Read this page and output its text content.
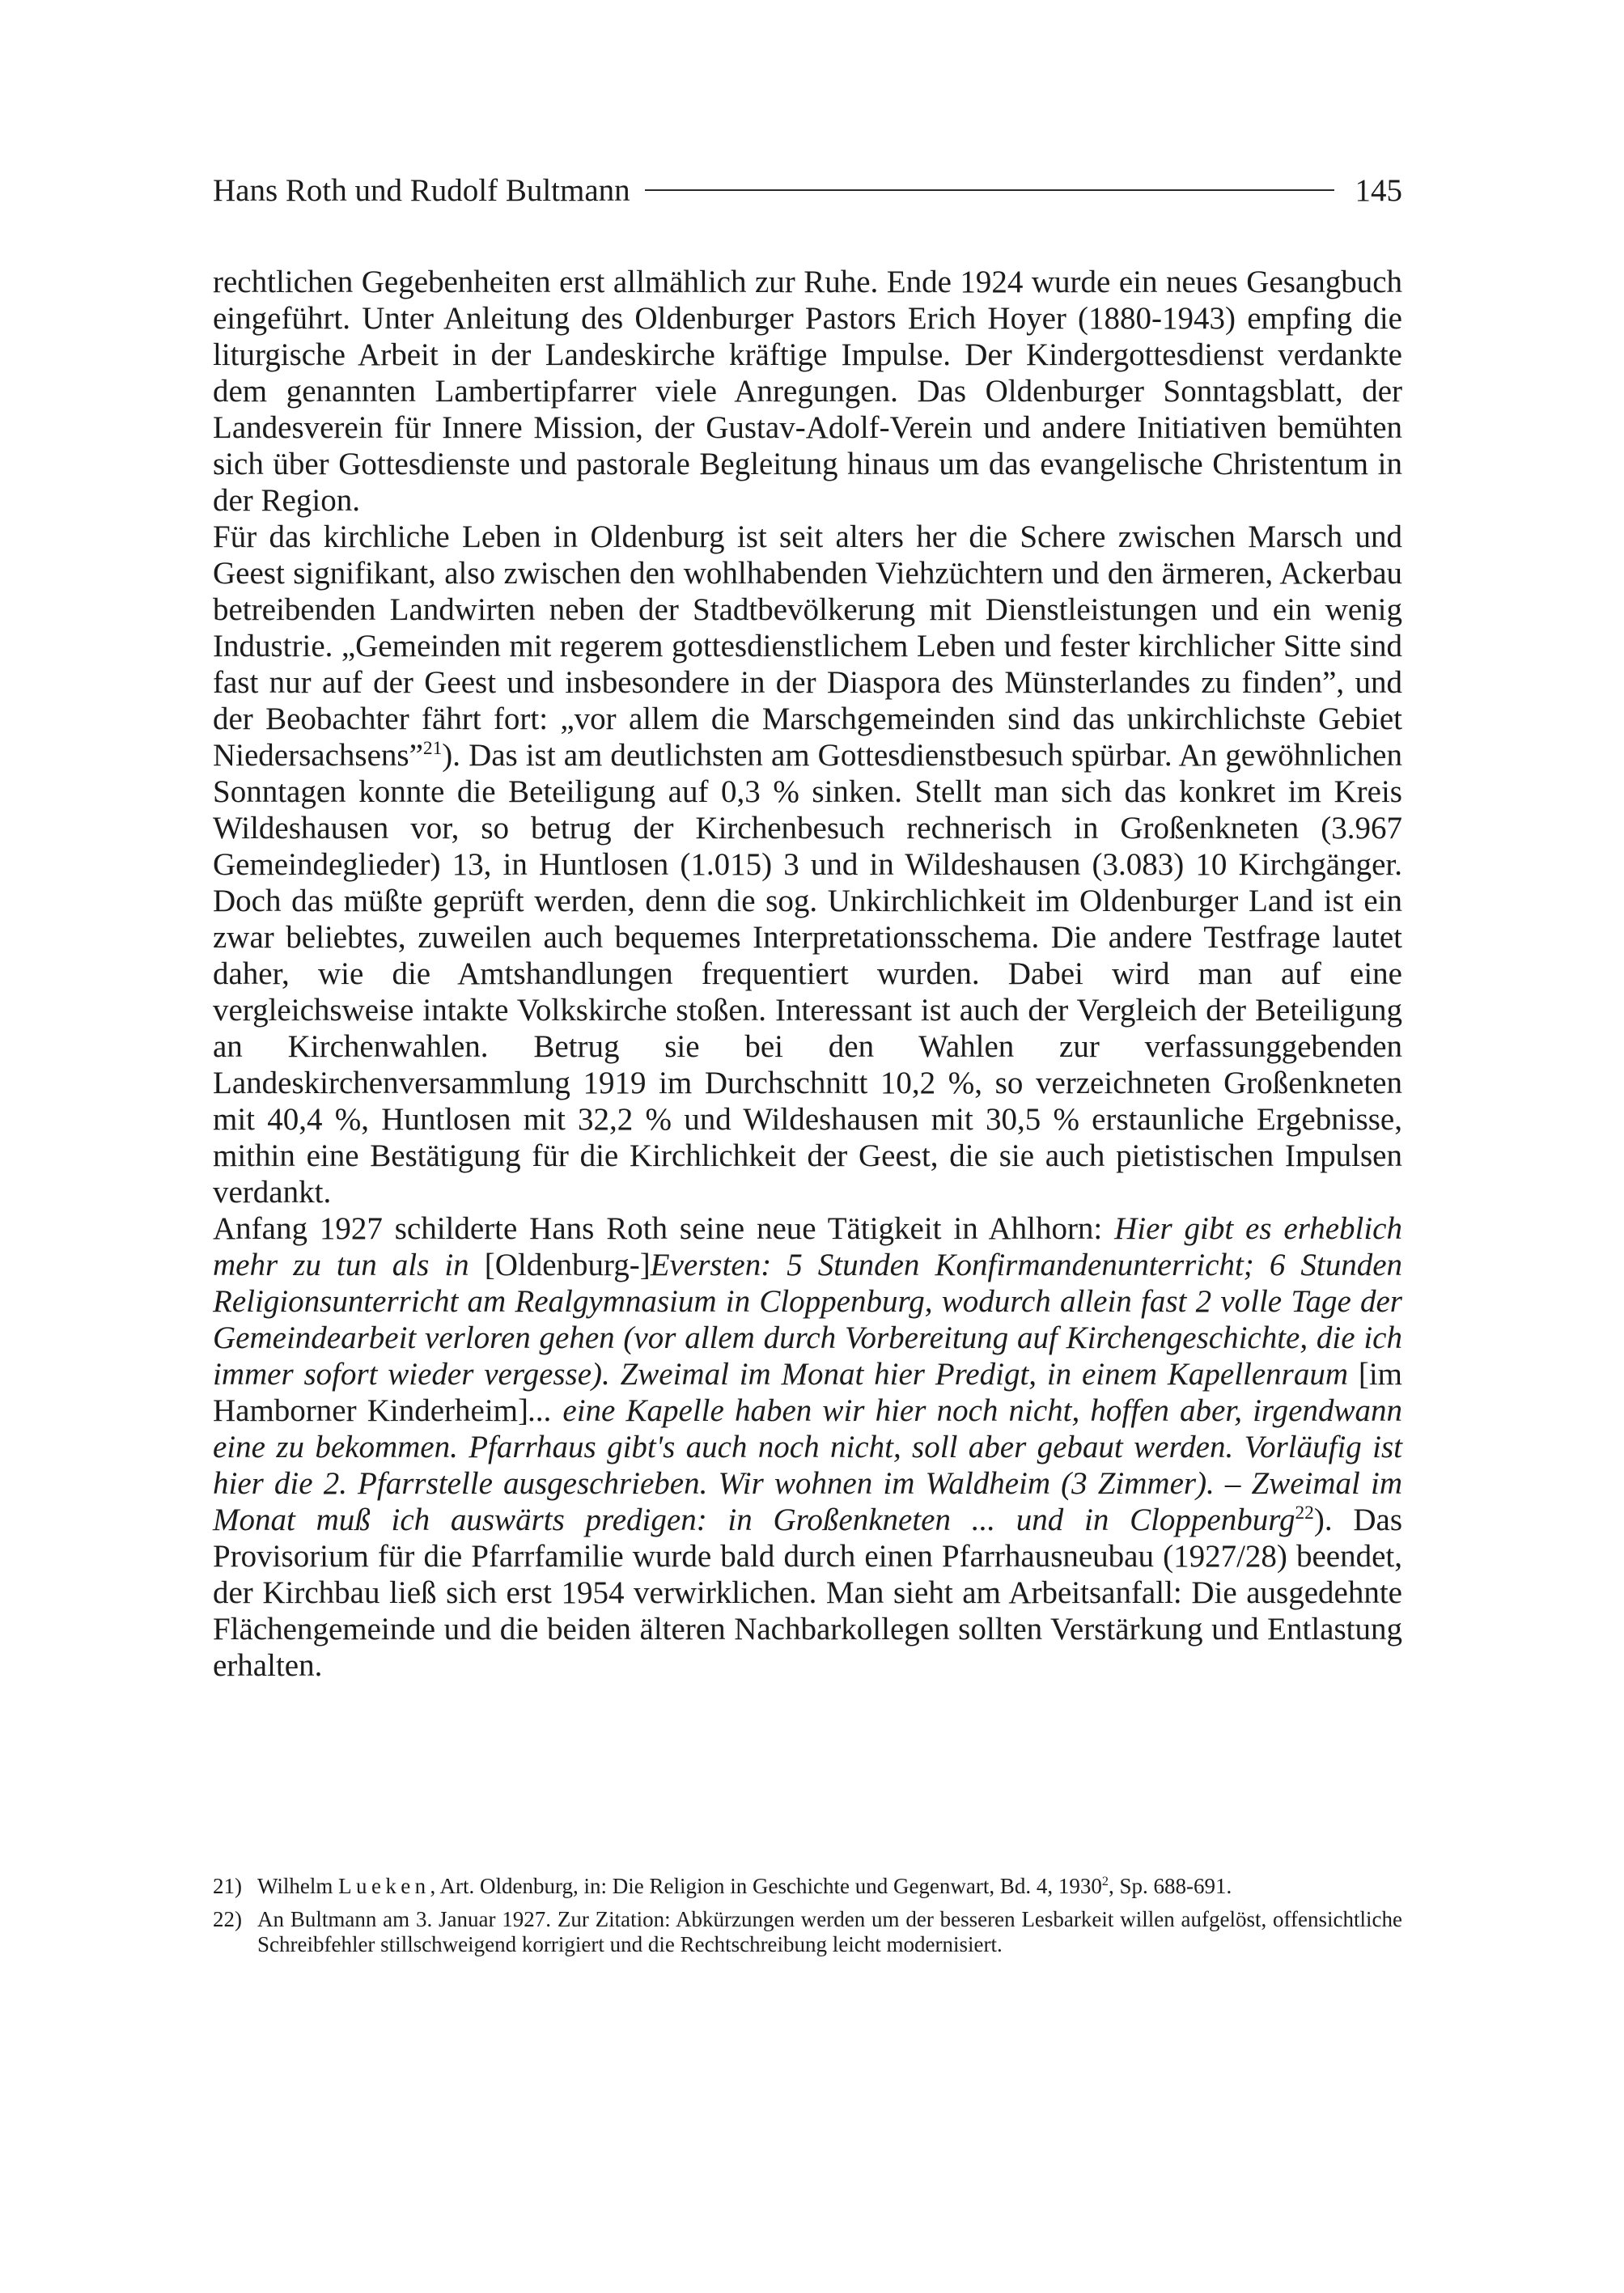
Hans Roth und Rudolf Bultmann	145

rechtlichen Gegebenheiten erst allmählich zur Ruhe. Ende 1924 wurde ein neues Gesangbuch eingeführt. Unter Anleitung des Oldenburger Pastors Erich Hoyer (1880-1943) empfing die liturgische Arbeit in der Landeskirche kräftige Impulse. Der Kindergottesdienst verdankte dem genannten Lambertipfarrer viele Anregungen. Das Oldenburger Sonntagsblatt, der Landesverein für Innere Mission, der Gustav-Adolf-Verein und andere Initiativen bemühten sich über Gottesdienste und pastorale Begleitung hinaus um das evangelische Christentum in der Region.

Für das kirchliche Leben in Oldenburg ist seit alters her die Schere zwischen Marsch und Geest signifikant, also zwischen den wohlhabenden Viehzüchtern und den ärmeren, Ackerbau betreibenden Landwirten neben der Stadtbevölkerung mit Dienstleistungen und ein wenig Industrie. „Gemeinden mit regerem gottesdienstlichem Leben und fester kirchlicher Sitte sind fast nur auf der Geest und insbesondere in der Diaspora des Münsterlandes zu finden”, und der Beobachter fährt fort: „vor allem die Marschgemeinden sind das unkirchlichste Gebiet Niedersachsens”$^{21}$). Das ist am deutlichsten am Gottesdienstbesuch spürbar. An gewöhnlichen Sonntagen konnte die Beteiligung auf 0,3 % sinken. Stellt man sich das konkret im Kreis Wildeshausen vor, so betrug der Kirchenbesuch rechnerisch in Großenkneten (3.967 Gemeindeglieder) 13, in Huntlosen (1.015) 3 und in Wildeshausen (3.083) 10 Kirchgänger. Doch das müßte geprüft werden, denn die sog. Unkirchlichkeit im Oldenburger Land ist ein zwar beliebtes, zuweilen auch bequemes Interpretationsschema. Die andere Testfrage lautet daher, wie die Amtshandlungen frequentiert wurden. Dabei wird man auf eine vergleichsweise intakte Volkskirche stoßen. Interessant ist auch der Vergleich der Beteiligung an Kirchenwahlen. Betrug sie bei den Wahlen zur verfassunggebenden Landeskirchenversammlung 1919 im Durchschnitt 10,2 %, so verzeichneten Großenkneten mit 40,4 %, Huntlosen mit 32,2 % und Wildeshausen mit 30,5 % erstaunliche Ergebnisse, mithin eine Bestätigung für die Kirchlichkeit der Geest, die sie auch pietistischen Impulsen verdankt.

Anfang 1927 schilderte Hans Roth seine neue Tätigkeit in Ahlhorn: Hier gibt es erheblich mehr zu tun als in [Oldenburg-]Eversten: 5 Stunden Konfirmandenunterricht; 6 Stunden Religionsunterricht am Realgymnasium in Cloppenburg, wodurch allein fast 2 volle Tage der Gemeindearbeit verloren gehen (vor allem durch Vorbereitung auf Kirchengeschichte, die ich immer sofort wieder vergesse). Zweimal im Monat hier Predigt, in einem Kapellenraum [im Hamborner Kinderheim]... eine Kapelle haben wir hier noch nicht, hoffen aber, irgendwann eine zu bekommen. Pfarrhaus gibt's auch noch nicht, soll aber gebaut werden. Vorläufig ist hier die 2. Pfarrstelle ausgeschrieben. Wir wohnen im Waldheim (3 Zimmer). – Zweimal im Monat muß ich auswärts predigen: in Großenkneten ... und in Cloppenburg$^{22}$). Das Provisorium für die Pfarrfamilie wurde bald durch einen Pfarrhausneubau (1927/28) beendet, der Kirchbau ließ sich erst 1954 verwirklichen. Man sieht am Arbeitsanfall: Die ausgedehnte Flächengemeinde und die beiden älteren Nachbarkollegen sollten Verstärkung und Entlastung erhalten.

21) Wilhelm Lueken, Art. Oldenburg, in: Die Religion in Geschichte und Gegenwart, Bd. 4, 1930$^2$, Sp. 688-691.
22) An Bultmann am 3. Januar 1927. Zur Zitation: Abkürzungen werden um der besseren Lesbarkeit willen aufgelöst, offensichtliche Schreibfehler stillschweigend korrigiert und die Rechtschreibung leicht modernisiert.
